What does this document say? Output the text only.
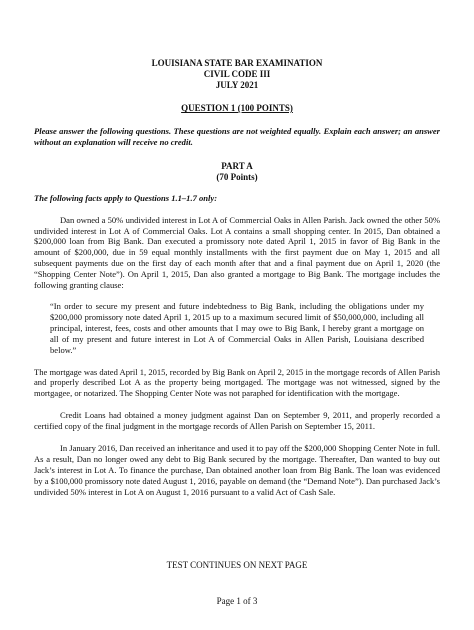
LOUISIANA STATE BAR EXAMINATION
CIVIL CODE III
JULY 2021
QUESTION 1 (100 POINTS)
Please answer the following questions. These questions are not weighted equally. Explain each answer; an answer without an explanation will receive no credit.
PART A
(70 Points)
The following facts apply to Questions 1.1–1.7 only:

Dan owned a 50% undivided interest in Lot A of Commercial Oaks in Allen Parish. Jack owned the other 50% undivided interest in Lot A of Commercial Oaks. Lot A contains a small shopping center. In 2015, Dan obtained a $200,000 loan from Big Bank. Dan executed a promissory note dated April 1, 2015 in favor of Big Bank in the amount of $200,000, due in 59 equal monthly installments with the first payment due on May 1, 2015 and all subsequent payments due on the first day of each month after that and a final payment due on April 1, 2020 (the “Shopping Center Note”). On April 1, 2015, Dan also granted a mortgage to Big Bank. The mortgage includes the following granting clause:

“In order to secure my present and future indebtedness to Big Bank, including the obligations under my $200,000 promissory note dated April 1, 2015 up to a maximum secured limit of $50,000,000, including all principal, interest, fees, costs and other amounts that I may owe to Big Bank, I hereby grant a mortgage on all of my present and future interest in Lot A of Commercial Oaks in Allen Parish, Louisiana described below.”

The mortgage was dated April 1, 2015, recorded by Big Bank on April 2, 2015 in the mortgage records of Allen Parish and properly described Lot A as the property being mortgaged. The mortgage was not witnessed, signed by the mortgagee, or notarized. The Shopping Center Note was not paraphed for identification with the mortgage.

Credit Loans had obtained a money judgment against Dan on September 9, 2011, and properly recorded a certified copy of the final judgment in the mortgage records of Allen Parish on September 15, 2011.

In January 2016, Dan received an inheritance and used it to pay off the $200,000 Shopping Center Note in full. As a result, Dan no longer owed any debt to Big Bank secured by the mortgage. Thereafter, Dan wanted to buy out Jack’s interest in Lot A. To finance the purchase, Dan obtained another loan from Big Bank. The loan was evidenced by a $100,000 promissory note dated August 1, 2016, payable on demand (the “Demand Note”). Dan purchased Jack’s undivided 50% interest in Lot A on August 1, 2016 pursuant to a valid Act of Cash Sale.

TEST CONTINUES ON NEXT PAGE
Page 1 of 3
